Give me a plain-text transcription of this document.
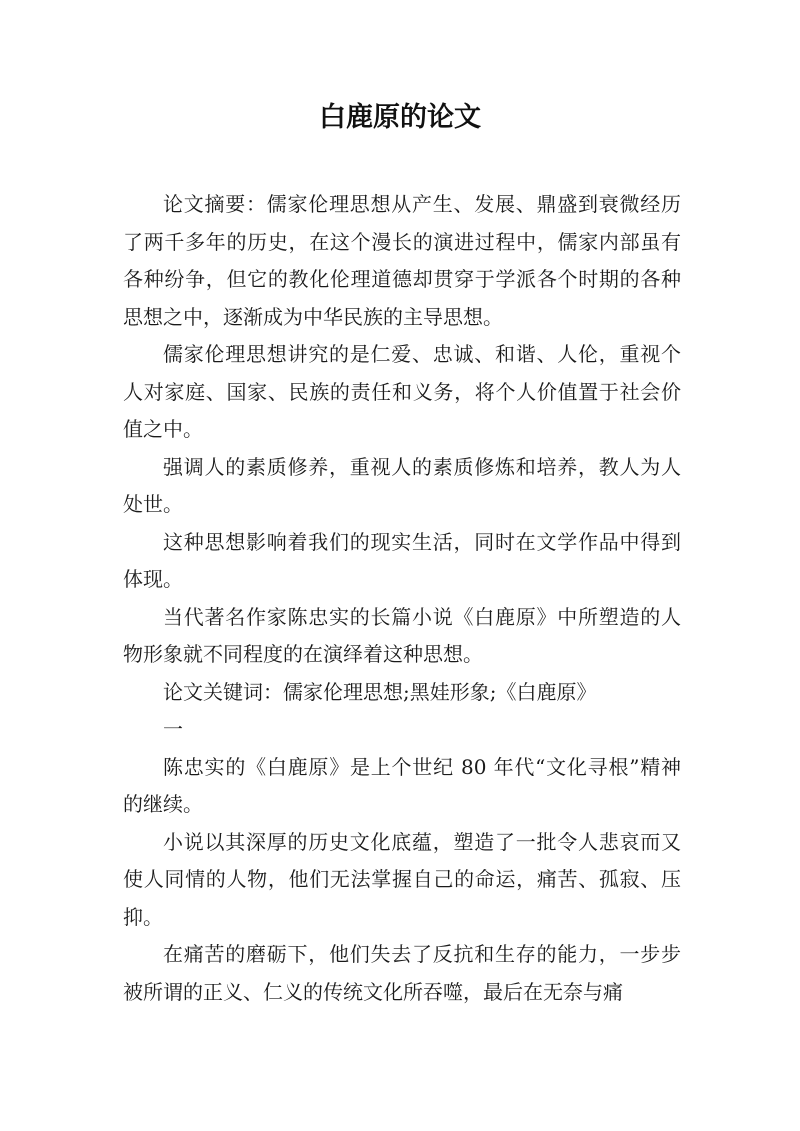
白鹿原的论文

论文摘要：儒家伦理思想从产生、发展、鼎盛到衰微经历了两千多年的历史，在这个漫长的演进过程中，儒家内部虽有各种纷争，但它的教化伦理道德却贯穿于学派各个时期的各种思想之中，逐渐成为中华民族的主导思想。

儒家伦理思想讲究的是仁爱、忠诚、和谐、人伦，重视个人对家庭、国家、民族的责任和义务，将个人价值置于社会价值之中。

强调人的素质修养，重视人的素质修炼和培养，教人为人处世。

这种思想影响着我们的现实生活，同时在文学作品中得到体现。

当代著名作家陈忠实的长篇小说《白鹿原》中所塑造的人物形象就不同程度的在演绎着这种思想。

论文关键词：儒家伦理思想;黑娃形象;《白鹿原》

一

陈忠实的《白鹿原》是上个世纪 80 年代“文化寻根”精神的继续。

小说以其深厚的历史文化底蕴，塑造了一批令人悲哀而又使人同情的人物，他们无法掌握自己的命运，痛苦、孤寂、压抑。

在痛苦的磨砺下，他们失去了反抗和生存的能力，一步步被所谓的正义、仁义的传统文化所吞噬，最后在无奈与痛
